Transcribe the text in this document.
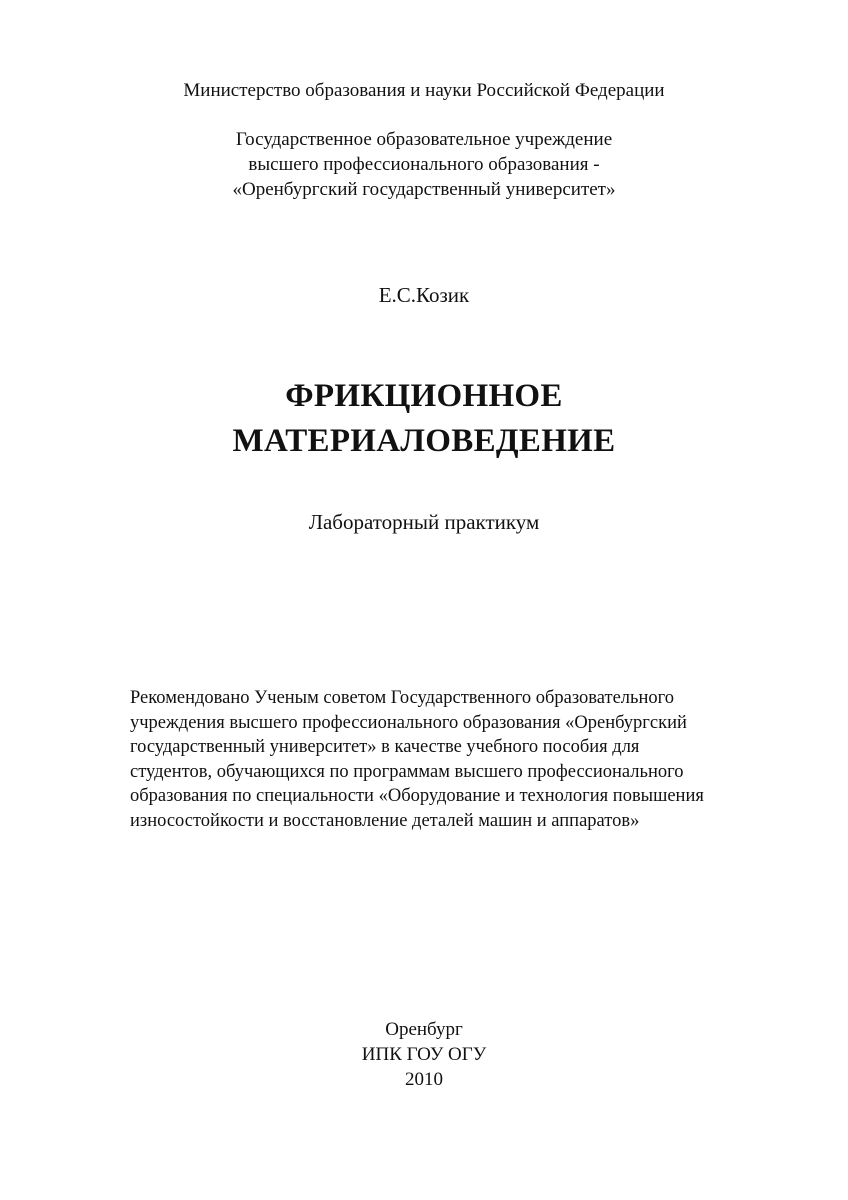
Министерство образования и науки Российской Федерации
Государственное образовательное учреждение
высшего профессионального образования -
«Оренбургский государственный университет»
Е.С.Козик
ФРИКЦИОННОЕ
МАТЕРИАЛОВЕДЕНИЕ
Лабораторный практикум
Рекомендовано Ученым советом Государственного образовательного
учреждения высшего профессионального образования «Оренбургский
государственный университет» в качестве учебного пособия для
студентов, обучающихся по программам высшего профессионального
образования по специальности «Оборудование и технология повышения
износостойкости и восстановление деталей машин и аппаратов»
Оренбург
ИПК ГОУ ОГУ
2010
